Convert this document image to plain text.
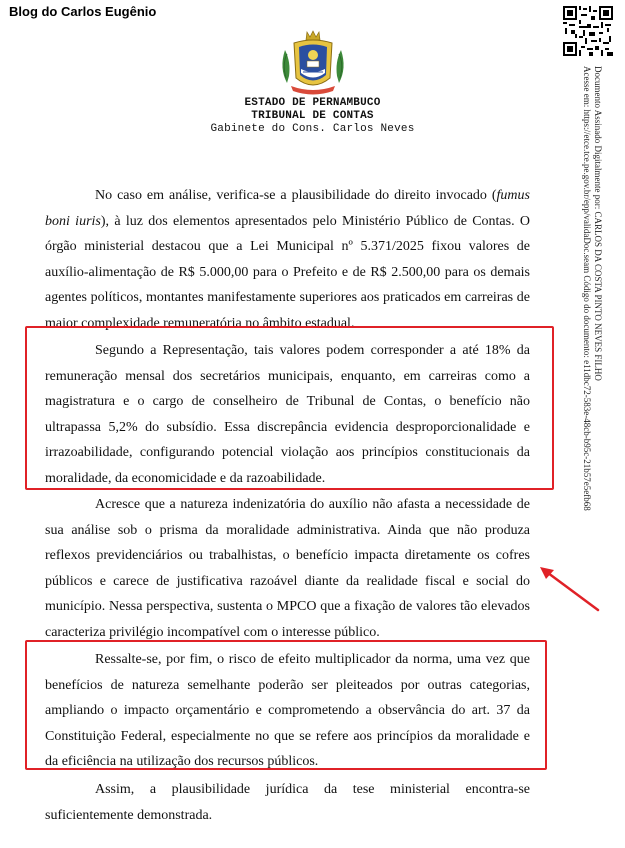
Blog do Carlos Eugênio
ESTADO DE PERNAMBUCO
TRIBUNAL DE CONTAS
Gabinete do Cons. Carlos Neves	Documento Assinado Digitalmente por: CARLOS DA COSTA PINTO NEVES FILHO
Acesse em: https://etce.tce.pe.gov.br/epp/validaDoc.seam Código do documento: e11dbc72-583e-48cb-b95c-21b57e5efb68

No caso em análise, verifica-se a plausibilidade do direito invocado (fumus boni iuris), à luz dos elementos apresentados pelo Ministério Público de Contas. O órgão ministerial destacou que a Lei Municipal nº 5.371/2025 fixou valores de auxílio-alimentação de R$ 5.000,00 para o Prefeito e de R$ 2.500,00 para os demais agentes políticos, montantes manifestamente superiores aos praticados em carreiras de maior complexidade remuneratória no âmbito estadual.

Segundo a Representação, tais valores podem corresponder a até 18% da remuneração mensal dos secretários municipais, enquanto, em carreiras como a magistratura e o cargo de conselheiro de Tribunal de Contas, o benefício não ultrapassa 5,2% do subsídio. Essa discrepância evidencia desproporcionalidade e irrazoabilidade, configurando potencial violação aos princípios constitucionais da moralidade, da economicidade e da razoabilidade.

Acresce que a natureza indenizatória do auxílio não afasta a necessidade de sua análise sob o prisma da moralidade administrativa. Ainda que não produza reflexos previdenciários ou trabalhistas, o benefício impacta diretamente os cofres públicos e carece de justificativa razoável diante da realidade fiscal e social do município. Nessa perspectiva, sustenta o MPCO que a fixação de valores tão elevados caracteriza privilégio incompatível com o interesse público.

Ressalte-se, por fim, o risco de efeito multiplicador da norma, uma vez que benefícios de natureza semelhante poderão ser pleiteados por outras categorias, ampliando o impacto orçamentário e comprometendo a observância do art. 37 da Constituição Federal, especialmente no que se refere aos princípios da moralidade e da eficiência na utilização dos recursos públicos.

Assim, a plausibilidade jurídica da tese ministerial encontra-se suficientemente demonstrada.
